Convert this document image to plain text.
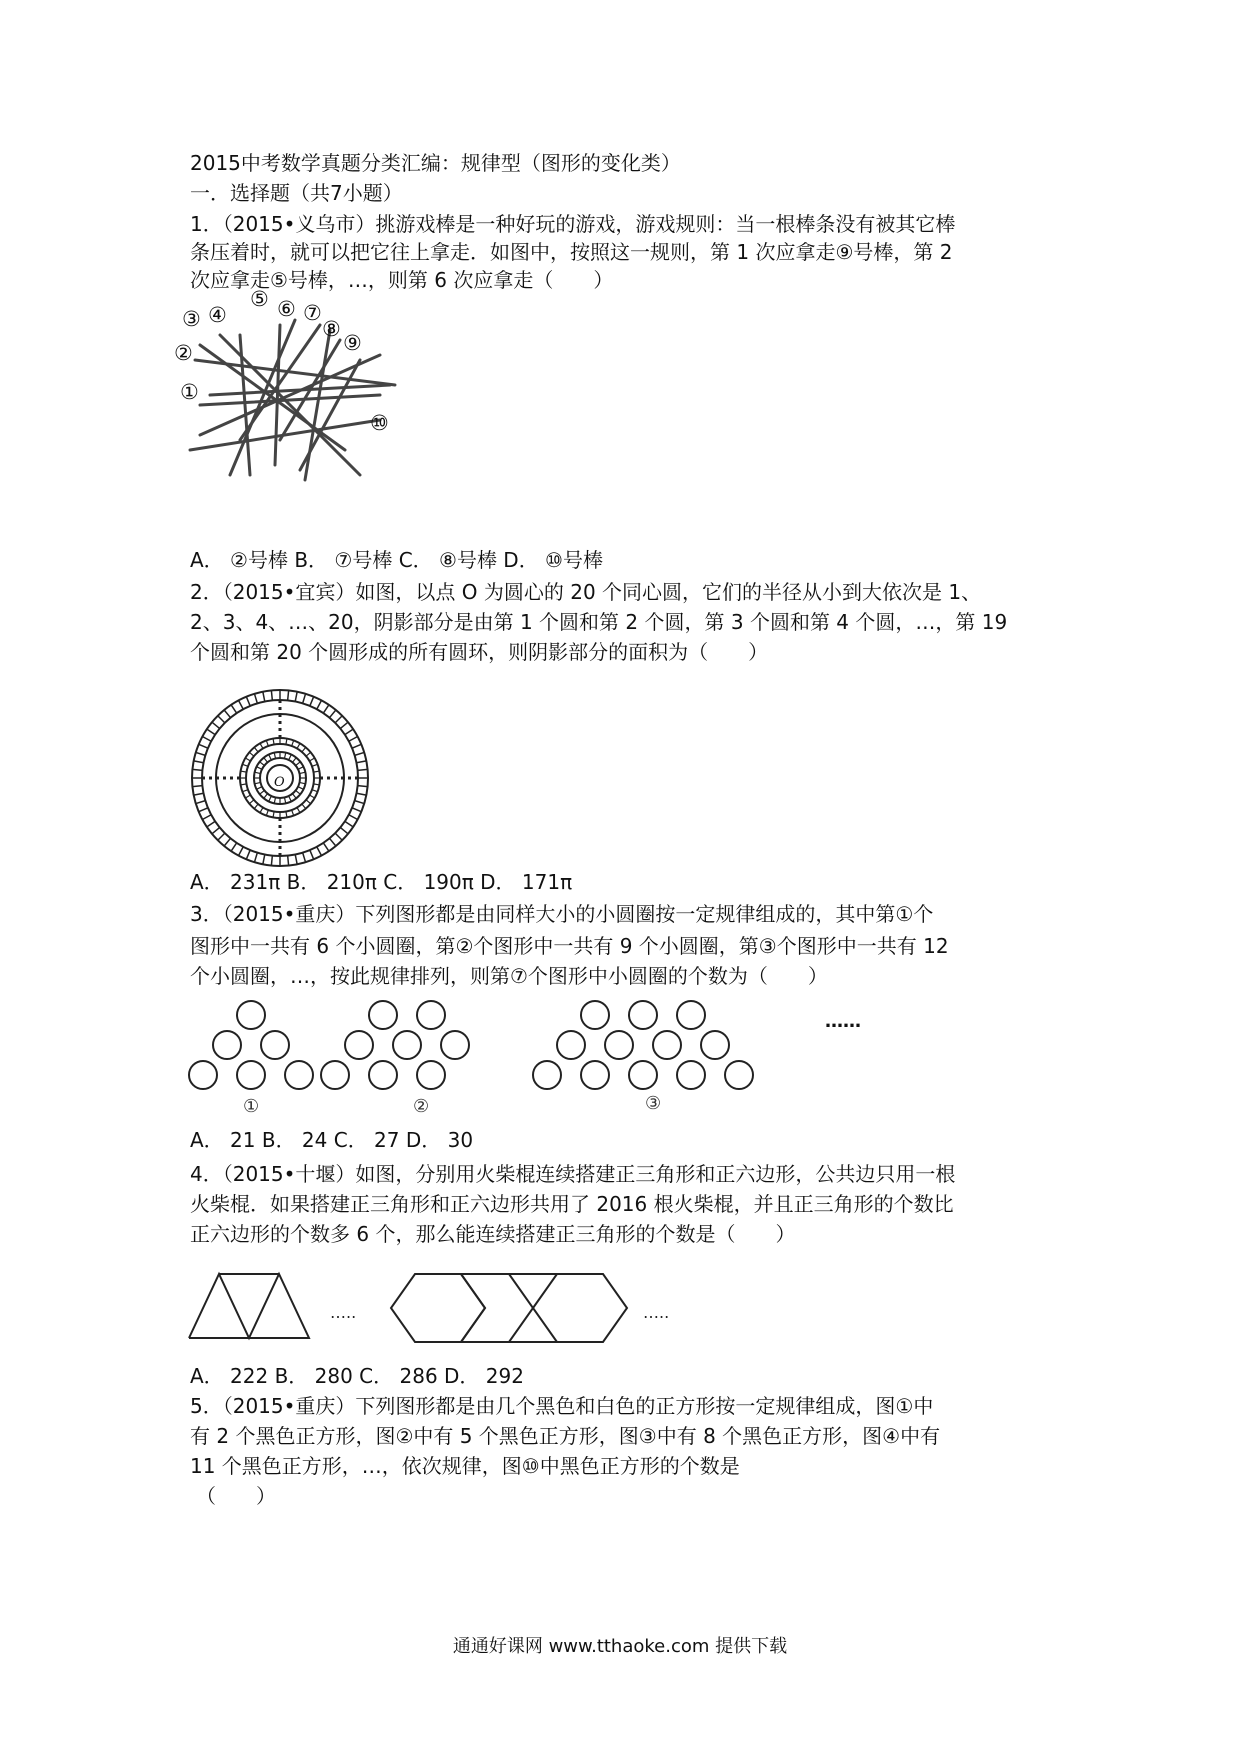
2015中考数学真题分类汇编：规律型（图形的变化类）
一．选择题（共7小题）
1．（2015•义乌市）挑游戏棒是一种好玩的游戏，游戏规则：当一根棒条没有被其它棒
条压着时，就可以把它往上拿走．如图中，按照这一规则，第 1 次应拿走⑨号棒，第 2
次应拿走⑤号棒，…，则第 6 次应拿走（　　）
①
②
③ ④
⑤ ⑥ ⑦
⑧
⑨
⑩
A． ②号棒 B． ⑦号棒 C． ⑧号棒 D． ⑩号棒
2．（2015•宜宾）如图，以点 O 为圆心的 20 个同心圆，它们的半径从小到大依次是 1、
2、3、4、…、20，阴影部分是由第 1 个圆和第 2 个圆，第 3 个圆和第 4 个圆，…，第 19
个圆和第 20 个圆形成的所有圆环，则阴影部分的面积为（　　）
O
A． 231π B． 210π C． 190π D． 171π
3．（2015•重庆）下列图形都是由同样大小的小圆圈按一定规律组成的，其中第①个
图形中一共有 6 个小圆圈，第②个图形中一共有 9 个小圆圈，第③个图形中一共有 12
个小圆圈，…，按此规律排列，则第⑦个图形中小圆圈的个数为（　　）
……
①	②	③
A． 21 B． 24 C． 27 D． 30
4．（2015•十堰）如图，分别用火柴棍连续搭建正三角形和正六边形，公共边只用一根
火柴棍．如果搭建正三角形和正六边形共用了 2016 根火柴棍，并且正三角形的个数比
正六边形的个数多 6 个，那么能连续搭建正三角形的个数是（　　）
…..	…..
A． 222 B． 280 C． 286 D． 292
5．（2015•重庆）下列图形都是由几个黑色和白色的正方形按一定规律组成，图①中
有 2 个黑色正方形，图②中有 5 个黑色正方形，图③中有 8 个黑色正方形，图④中有
11 个黑色正方形，…，依次规律，图⑩中黑色正方形的个数是
（　　）
通通好课网 www.tthaoke.com 提供下载
